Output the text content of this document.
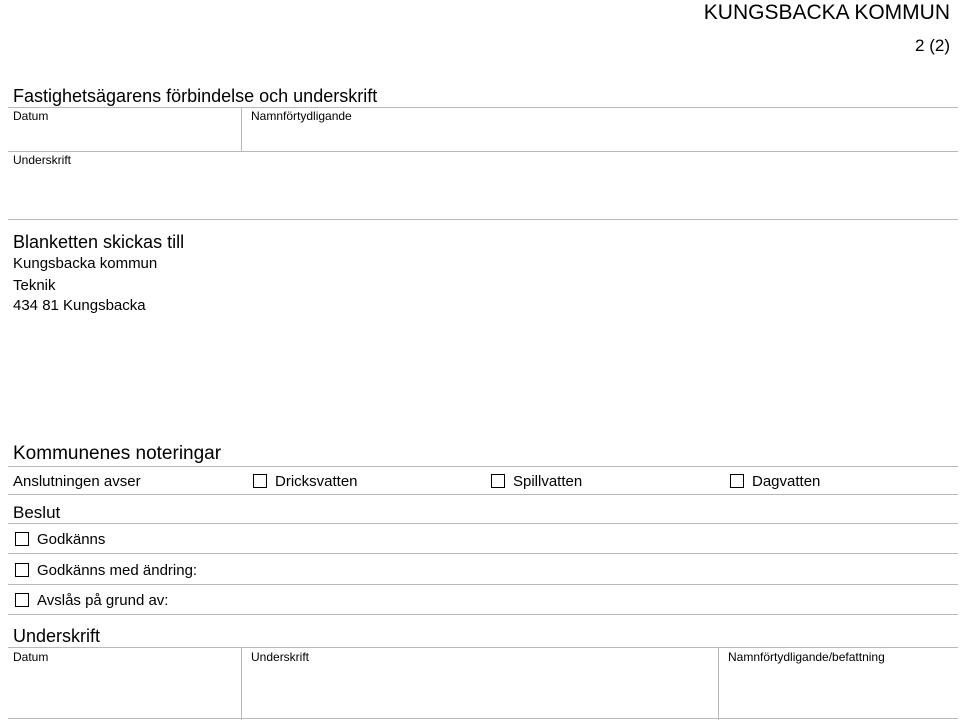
KUNGSBACKA KOMMUN
2 (2)
Fastighetsägarens förbindelse och underskrift
Datum	Namnförtydligande
Underskrift
Blanketten skickas till
Kungsbacka kommun
Teknik
434 81 Kungsbacka
Kommunenes noteringar
Anslutningen avser	Dricksvatten	Spillvatten	Dagvatten
Beslut
Godkänns
Godkänns med ändring:
Avslås på grund av:
Underskrift
Datum	Underskrift	Namnförtydligande/befattning
